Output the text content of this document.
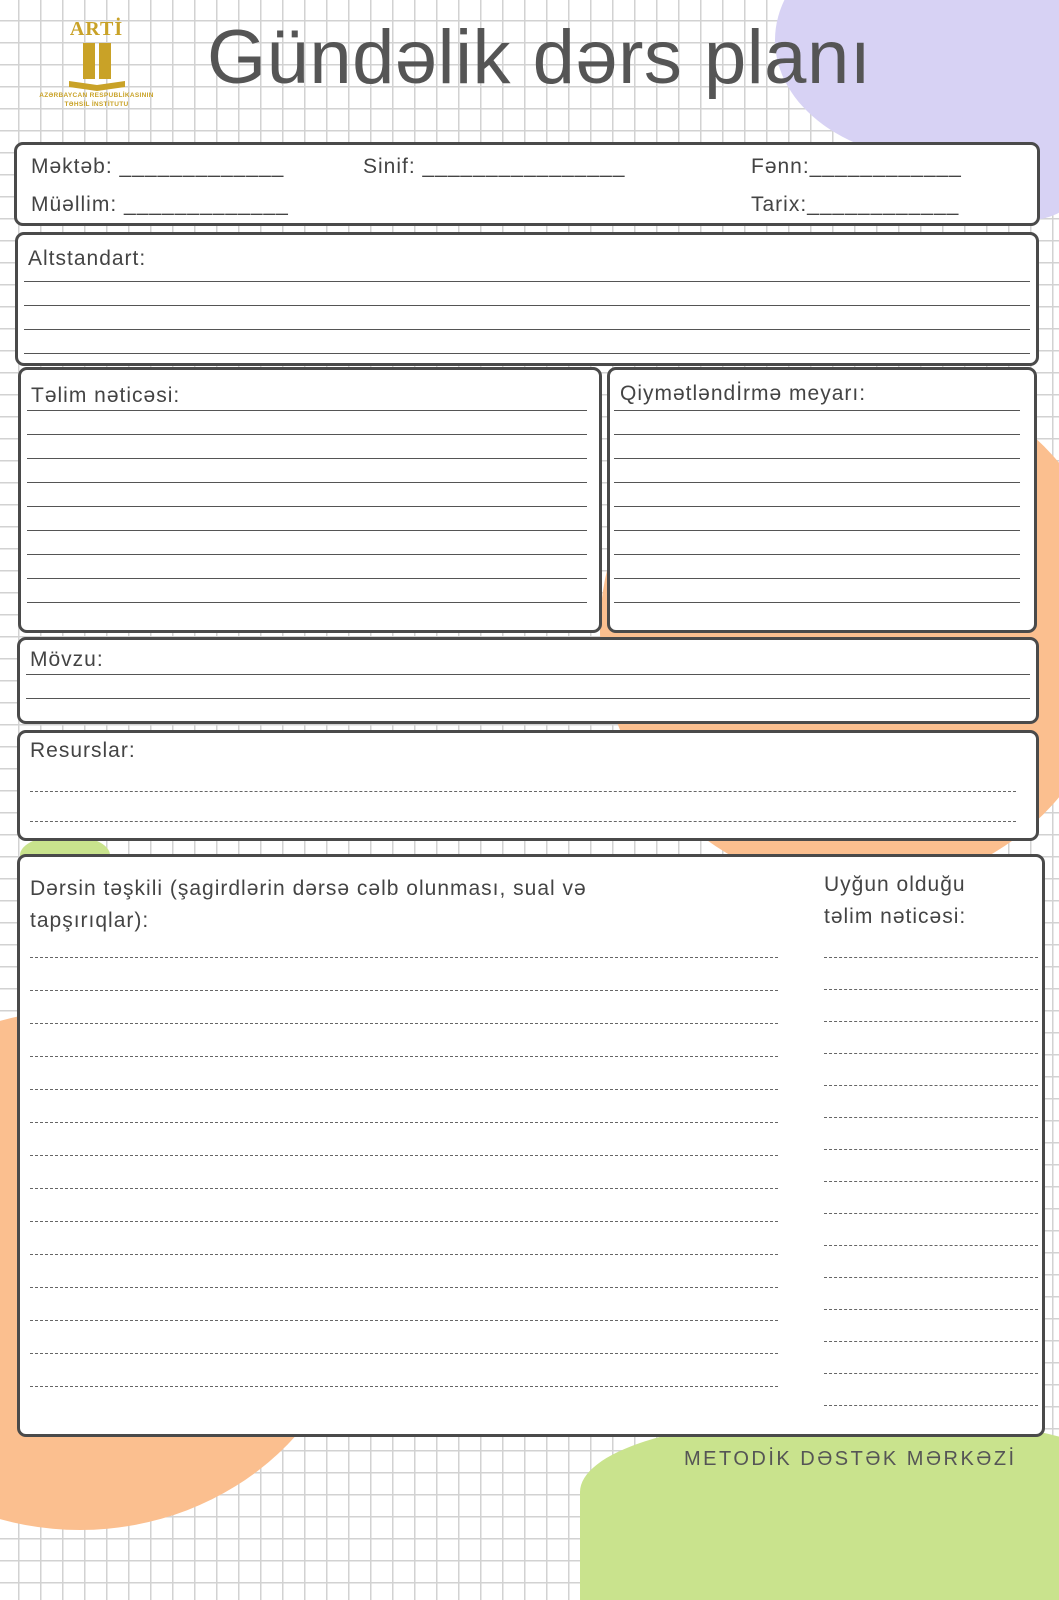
ARTİ
AZƏRBAYCAN RESPUBLİKASININ
TƏHSİL İNSTİTUTU
Gündəlik dərs planı
Məktəb: _____________	Sinif: ________________	Fənn:____________
Müəllim: _____________	Tarix:____________
Altstandart:
Təlim nəticəsi:	Qiymətləndİrmə meyarı:
Mövzu:
Resurslar:
Dərsin təşkili (şagirdlərin dərsə cəlb olunması, sual və tapşırıqlar):
Uyğun olduğu təlim nəticəsi:
METODİK DƏSTƏK MƏRKƏZİ
